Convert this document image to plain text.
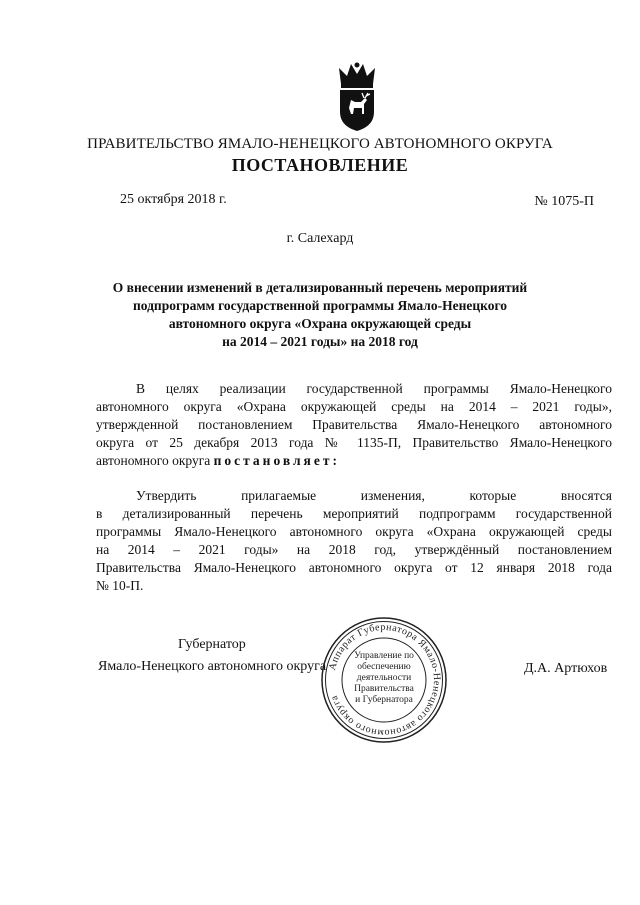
ПРАВИТЕЛЬСТВО ЯМАЛО-НЕНЕЦКОГО АВТОНОМНОГО ОКРУГА
ПОСТАНОВЛЕНИЕ
25 октября 2018 г.	№ 1075-П
г. Салехард
О внесении изменений в детализированный перечень мероприятий
подпрограмм государственной программы Ямало-Ненецкого
автономного округа «Охрана окружающей среды
на 2014 – 2021 годы» на 2018 год
В целях реализации государственной программы Ямало-Ненецкого
автономного округа «Охрана окружающей среды на 2014 – 2021 годы»,
утвержденной постановлением Правительства Ямало-Ненецкого автономного
округа от 25 декабря 2013 года № 1135-П, Правительство Ямало-Ненецкого
автономного округа постановляет:
Утвердить прилагаемые изменения, которые вносятся
в детализированный перечень мероприятий подпрограмм государственной
программы Ямало-Ненецкого автономного округа «Охрана окружающей среды
на 2014 – 2021 годы» на 2018 год, утверждённый постановлением
Правительства Ямало-Ненецкого автономного округа от 12 января 2018 года
№ 10-П.
Губернатор
Ямало-Ненецкого автономного округа	Д.А. Артюхов
Аппарат Губернатора Ямало-Ненецкого автономного округа
Управление по
обеспечению
деятельности
Правительства
и Губернатора
